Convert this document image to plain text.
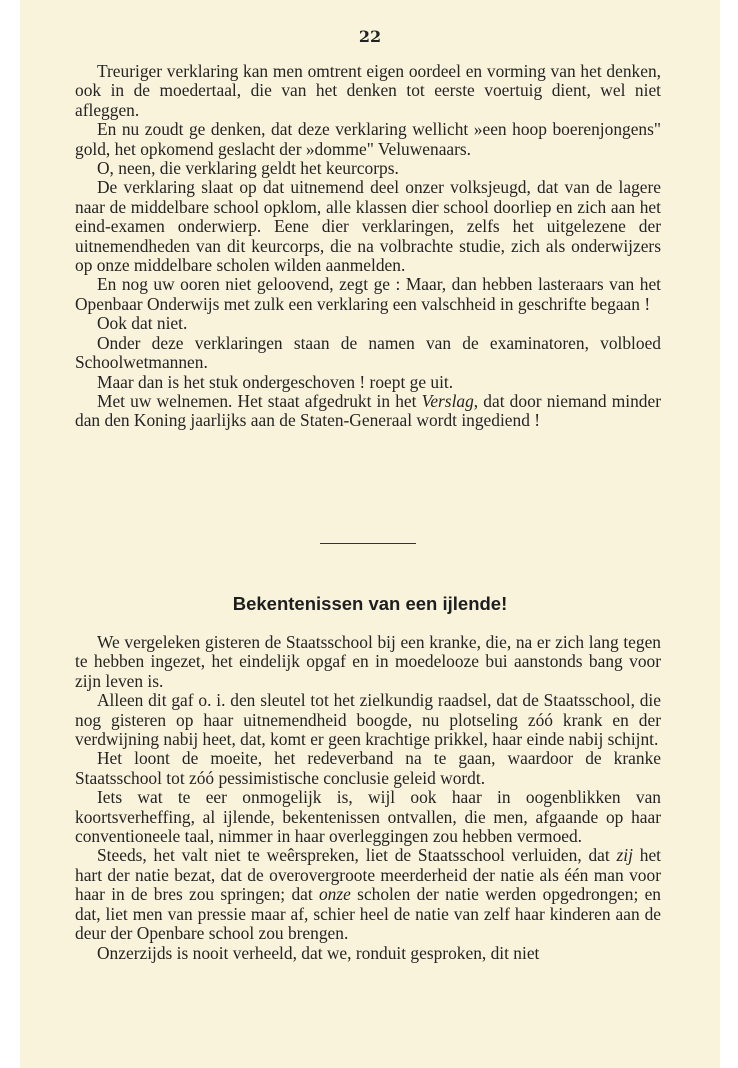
22

Treuriger verklaring kan men omtrent eigen oordeel en vorming van het denken, ook in de moedertaal, die van het denken tot eerste voertuig dient, wel niet afleggen.

En nu zoudt ge denken, dat deze verklaring wellicht »een hoop boerenjongens" gold, het opkomend geslacht der »domme" Veluwenaars.

O, neen, die verklaring geldt het keurcorps.

De verklaring slaat op dat uitnemend deel onzer volksjeugd, dat van de lagere naar de middelbare school opklom, alle klassen dier school doorliep en zich aan het eind-examen onderwierp. Eene dier verklaringen, zelfs het uitgelezene der uitnemendheden van dit keurcorps, die na volbrachte studie, zich als onderwijzers op onze middelbare scholen wilden aanmelden.

En nog uw ooren niet geloovend, zegt ge : Maar, dan hebben lasteraars van het Openbaar Onderwijs met zulk een verklaring een valschheid in geschrifte begaan !

Ook dat niet.

Onder deze verklaringen staan de namen van de examinatoren, volbloed Schoolwetmannen.

Maar dan is het stuk ondergeschoven ! roept ge uit.

Met uw welnemen. Het staat afgedrukt in het Verslag, dat door niemand minder dan den Koning jaarlijks aan de Staten-Generaal wordt ingediend !

Bekentenissen van een ijlende!

We vergeleken gisteren de Staatsschool bij een kranke, die, na er zich lang tegen te hebben ingezet, het eindelijk opgaf en in moedelooze bui aanstonds bang voor zijn leven is.

Alleen dit gaf o. i. den sleutel tot het zielkundig raadsel, dat de Staatsschool, die nog gisteren op haar uitnemendheid boogde, nu plotseling zóó krank en der verdwijning nabij heet, dat, komt er geen krachtige prikkel, haar einde nabij schijnt.

Het loont de moeite, het redeverband na te gaan, waardoor de kranke Staatsschool tot zóó pessimistische conclusie geleid wordt.

Iets wat te eer onmogelijk is, wijl ook haar in oogenblikken van koortsverheffing, al ijlende, bekentenissen ontvallen, die men, afgaande op haar conventioneele taal, nimmer in haar overleggingen zou hebben vermoed.

Steeds, het valt niet te weêrspreken, liet de Staatsschool verluiden, dat zij het hart der natie bezat, dat de overovergroote meerderheid der natie als één man voor haar in de bres zou springen; dat onze scholen der natie werden opgedrongen; en dat, liet men van pressie maar af, schier heel de natie van zelf haar kinderen aan de deur der Openbare school zou brengen.

Onzerzijds is nooit verheeld, dat we, ronduit gesproken, dit niet
